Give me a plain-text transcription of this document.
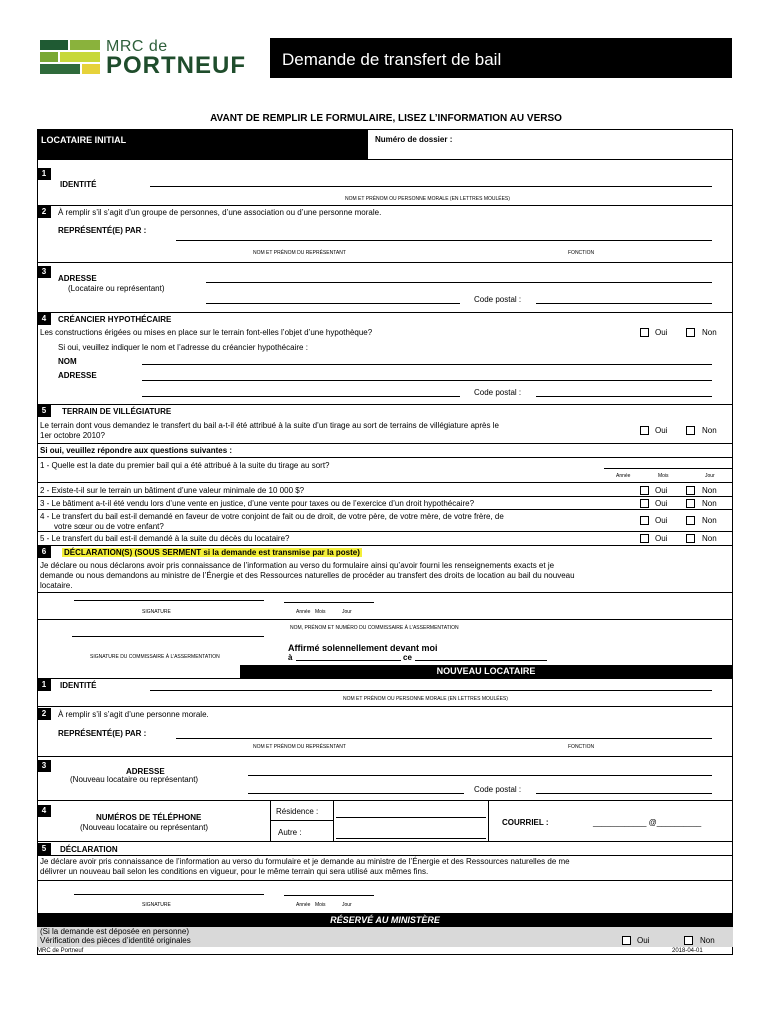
MRC de
PORTNEUF	Demande de transfert de bail
AVANT DE REMPLIR LE FORMULAIRE, LISEZ L’INFORMATION AU VERSO
LOCATAIRE INITIAL	Numéro de dossier :
1
IDENTITÉ
NOM ET PRÉNOM OU PERSONNE MORALE (EN LETTRES MOULÉES)
2	À remplir s’il s’agit d’un groupe de personnes, d’une association ou d’une personne morale.
REPRÉSENTÉ(E) PAR :
NOM ET PRÉNOM DU REPRÉSENTANT	FONCTION
3
ADRESSE
(Locataire ou représentant)
Code postal :
4	CRÉANCIER HYPOTHÉCAIRE
Les constructions érigées ou mises en place sur le terrain font-elles l’objet d’une hypothèque?	Oui	Non
Si oui, veuillez indiquer le nom et l’adresse du créancier hypothécaire :
NOM
ADRESSE
Code postal :
5	TERRAIN DE VILLÉGIATURE
Le terrain dont vous demandez le transfert du bail a-t-il été attribué à la suite d’un tirage au sort de terrains de villégiature après le
1er octobre 2010?
Oui	Non
Si oui, veuillez répondre aux questions suivantes :
1 - Quelle est la date du premier bail qui a été attribué à la suite du tirage au sort?
Année	Mois	Jour
2 - Existe-t-il sur le terrain un bâtiment d’une valeur minimale de 10 000 $?	Oui	Non
3 - Le bâtiment a-t-il été vendu lors d’une vente en justice, d’une vente pour taxes ou de l’exercice d’un droit hypothécaire?	Oui	Non
4 - Le transfert du bail est-il demandé en faveur de votre conjoint de fait ou de droit, de votre père, de votre mère, de votre frère, de
votre sœur ou de votre enfant?
Oui	Non
5 - Le transfert du bail est-il demandé à la suite du décès du locataire?	Oui	Non
6	DÉCLARATION(S) (SOUS SERMENT si la demande est transmise par la poste)
Je déclare ou nous déclarons avoir pris connaissance de l’information au verso du formulaire ainsi qu’avoir fourni les renseignements exacts et je
demande ou nous demandons au ministre de l’Énergie et des Ressources naturelles de procéder au transfert des droits de location au bail du nouveau
locataire.
SIGNATURE	Année Mois	Jour
NOM, PRÉNOM ET NUMÉRO DU COMMISSAIRE À L’ASSERMENTATION
SIGNATURE DU COMMISSAIRE À L’ASSERMENTATION
Affirmé solennellement devant moi
à	ce
NOUVEAU LOCATAIRE
1	IDENTITÉ
NOM ET PRÉNOM OU PERSONNE MORALE (EN LETTRES MOULÉES)
2	À remplir s’il s’agit d’une personne morale.
REPRÉSENTÉ(E) PAR :
NOM ET PRÉNOM DU REPRÉSENTANT	FONCTION
3
ADRESSE
(Nouveau locataire ou représentant)
Code postal :
4
NUMÉROS DE TÉLÉPHONE
(Nouveau locataire ou représentant)
Résidence :
Autre :
COURRIEL :	____________ @__________
5	DÉCLARATION
Je déclare avoir pris connaissance de l’information au verso du formulaire et je demande au ministre de l’Énergie et des Ressources naturelles de me
délivrer un nouveau bail selon les conditions en vigueur, pour le même terrain qui sera utilisé aux mêmes fins.
SIGNATURE	Année Mois	Jour
RÉSERVÉ AU MINISTÈRE
(Si la demande est déposée en personne)
Vérification des pièces d’identité originales	Oui	Non
MRC de Portneuf	2018-04-01
